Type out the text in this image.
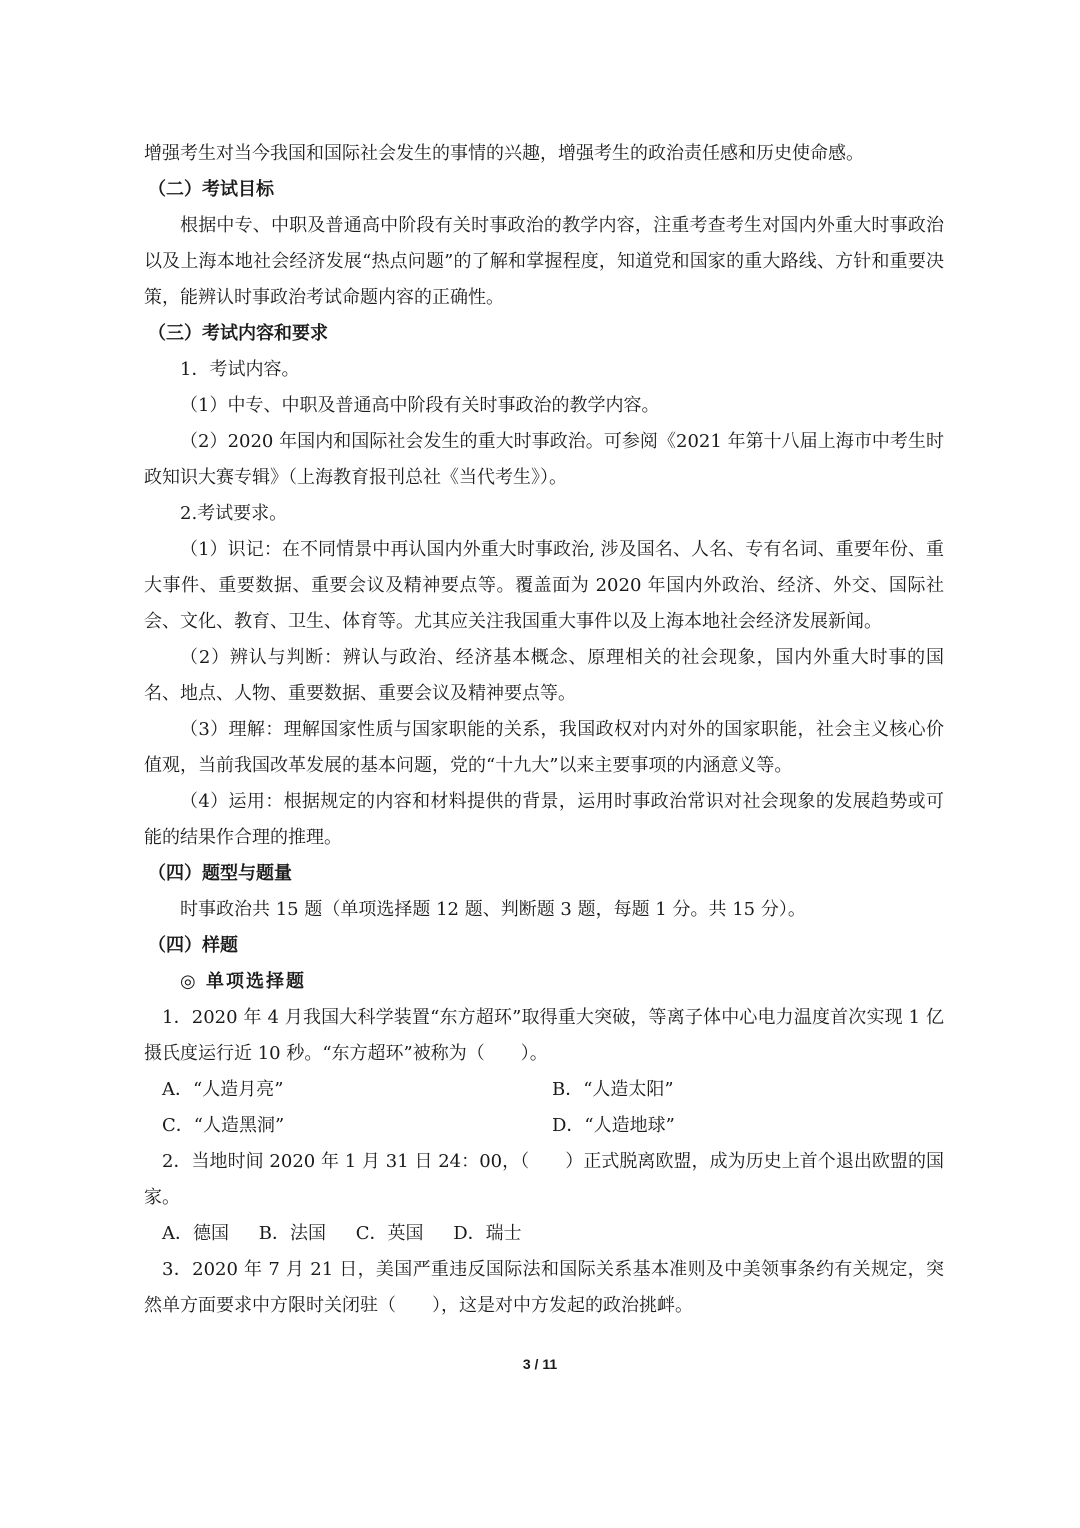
增强考生对当今我国和国际社会发生的事情的兴趣，增强考生的政治责任感和历史使命感。

（二）考试目标

根据中专、中职及普通高中阶段有关时事政治的教学内容，注重考查考生对国内外重大时事政治以及上海本地社会经济发展“热点问题”的了解和掌握程度，知道党和国家的重大路线、方针和重要决策，能辨认时事政治考试命题内容的正确性。

（三）考试内容和要求

1．考试内容。

（1）中专、中职及普通高中阶段有关时事政治的教学内容。

（2）2020 年国内和国际社会发生的重大时事政治。可参阅《2021 年第十八届上海市中考生时政知识大赛专辑》（上海教育报刊总社《当代考生》）。

2.考试要求。

（1）识记：在不同情景中再认国内外重大时事政治, 涉及国名、人名、专有名词、重要年份、重大事件、重要数据、重要会议及精神要点等。覆盖面为 2020 年国内外政治、经济、外交、国际社会、文化、教育、卫生、体育等。尤其应关注我国重大事件以及上海本地社会经济发展新闻。

（2）辨认与判断：辨认与政治、经济基本概念、原理相关的社会现象，国内外重大时事的国名、地点、人物、重要数据、重要会议及精神要点等。

（3）理解：理解国家性质与国家职能的关系，我国政权对内对外的国家职能，社会主义核心价值观，当前我国改革发展的基本问题，党的“十九大”以来主要事项的内涵意义等。

（4）运用：根据规定的内容和材料提供的背景，运用时事政治常识对社会现象的发展趋势或可能的结果作合理的推理。

（四）题型与题量

时事政治共 15 题（单项选择题 12 题、判断题 3 题，每题 1 分。共 15 分）。

（四）样题

◎ 单项选择题

1．2020 年 4 月我国大科学装置“东方超环”取得重大突破，等离子体中心电力温度首次实现 1 亿摄氏度运行近 10 秒。“东方超环”被称为（　　）。

A．“人造月亮”	B．“人造太阳”
C．“人造黑洞”	D．“人造地球”

2．当地时间 2020 年 1 月 31 日 24：00，（　　）正式脱离欧盟，成为历史上首个退出欧盟的国家。

A．德国 B．法国 C．英国 D．瑞士

3．2020 年 7 月 21 日，美国严重违反国际法和国际关系基本准则及中美领事条约有关规定，突然单方面要求中方限时关闭驻（　　），这是对中方发起的政治挑衅。

3 / 11
